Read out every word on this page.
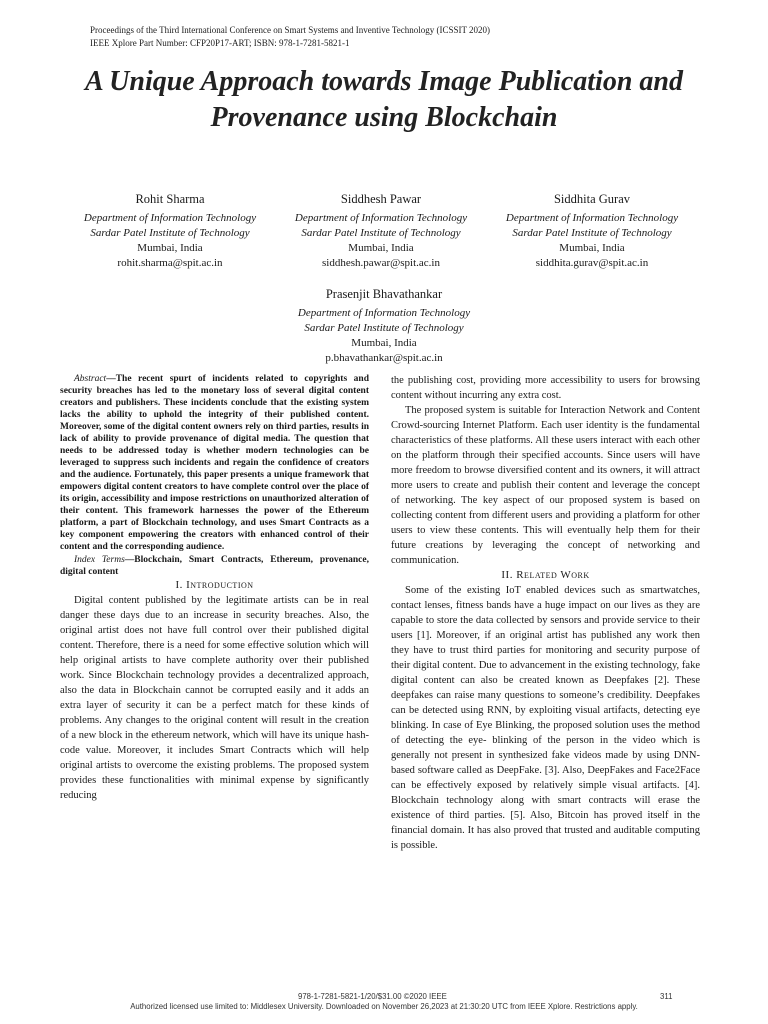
Proceedings of the Third International Conference on Smart Systems and Inventive Technology (ICSSIT 2020)
IEEE Xplore Part Number: CFP20P17-ART; ISBN: 978-1-7281-5821-1
A Unique Approach towards Image Publication and
Provenance using Blockchain
Rohit Sharma
Department of Information Technology
Sardar Patel Institute of Technology
Mumbai, India
rohit.sharma@spit.ac.in
Siddhesh Pawar
Department of Information Technology
Sardar Patel Institute of Technology
Mumbai, India
siddhesh.pawar@spit.ac.in
Siddhita Gurav
Department of Information Technology
Sardar Patel Institute of Technology
Mumbai, India
siddhita.gurav@spit.ac.in
Prasenjit Bhavathankar
Department of Information Technology
Sardar Patel Institute of Technology
Mumbai, India
p.bhavathankar@spit.ac.in

Abstract—The recent spurt of incidents related to copyrights and security breaches has led to the monetary loss of several digital content creators and publishers. These incidents conclude that the existing system lacks the ability to uphold the integrity of their published content. Moreover, some of the digital content owners rely on third parties, results in lack of ability to provide provenance of digital media. The question that needs to be addressed today is whether modern technologies can be leveraged to suppress such incidents and regain the confidence of creators and the audience. Fortunately, this paper presents a unique framework that empowers digital content creators to have complete control over the place of its origin, accessibility and impose restrictions on unauthorized alteration of their content. This framework harnesses the power of the Ethereum platform, a part of Blockchain technology, and uses Smart Contracts as a key component empowering the creators with enhanced control of their content and the corresponding audience.

Index Terms—Blockchain, Smart Contracts, Ethereum, provenance, digital content

I. Introduction

Digital content published by the legitimate artists can be in real danger these days due to an increase in security breaches. Also, the original artist does not have full control over their published digital content. Therefore, there is a need for some effective solution which will help original artists to have complete authority over their published work. Since Blockchain technology provides a decentralized approach, also the data in Blockchain cannot be corrupted easily and it adds an extra layer of security it can be a perfect match for these kinds of problems. Any changes to the original content will result in the creation of a new block in the ethereum network, which will have its unique hash-code value. Moreover, it includes Smart Contracts which will help original artists to overcome the existing problems. The proposed system provides these functionalities with minimal expense by significantly reducing

the publishing cost, providing more accessibility to users for browsing content without incurring any extra cost.

The proposed system is suitable for Interaction Network and Content Crowd-sourcing Internet Platform. Each user identity is the fundamental characteristics of these platforms. All these users interact with each other on the platform through their specified accounts. Since users will have more freedom to browse diversified content and its owners, it will attract more users to create and publish their content and leverage the concept of networking. The key aspect of our proposed system is based on collecting content from different users and providing a platform for other users to view these contents. This will eventually help them for their future creations by leveraging the concept of networking and communication.

II. Related Work

Some of the existing IoT enabled devices such as smartwatches, contact lenses, fitness bands have a huge impact on our lives as they are capable to store the data collected by sensors and provide service to their users [1]. Moreover, if an original artist has published any work then they have to trust third parties for monitoring and security purpose of their digital content. Due to advancement in the existing technology, fake digital content can also be created known as Deepfakes [2]. These deepfakes can raise many questions to someone’s credibility. Deepfakes can be detected using RNN, by exploiting visual artifacts, detecting eye blinking. In case of Eye Blinking, the proposed solution uses the method of detecting the eye- blinking of the person in the video which is generally not present in synthesized fake videos made by using DNN- based software called as DeepFake. [3]. Also, DeepFakes and Face2Face can be effectively exposed by relatively simple visual artifacts. [4]. Blockchain technology along with smart contracts will erase the existence of third parties. [5]. Also, Bitcoin has proved itself in the financial domain. It has also proved that trusted and auditable computing is possible.

978-1-7281-5821-1/20/$31.00 ©2020 IEEE	311
Authorized licensed use limited to: Middlesex University. Downloaded on November 26,2023 at 21:30:20 UTC from IEEE Xplore. Restrictions apply.
